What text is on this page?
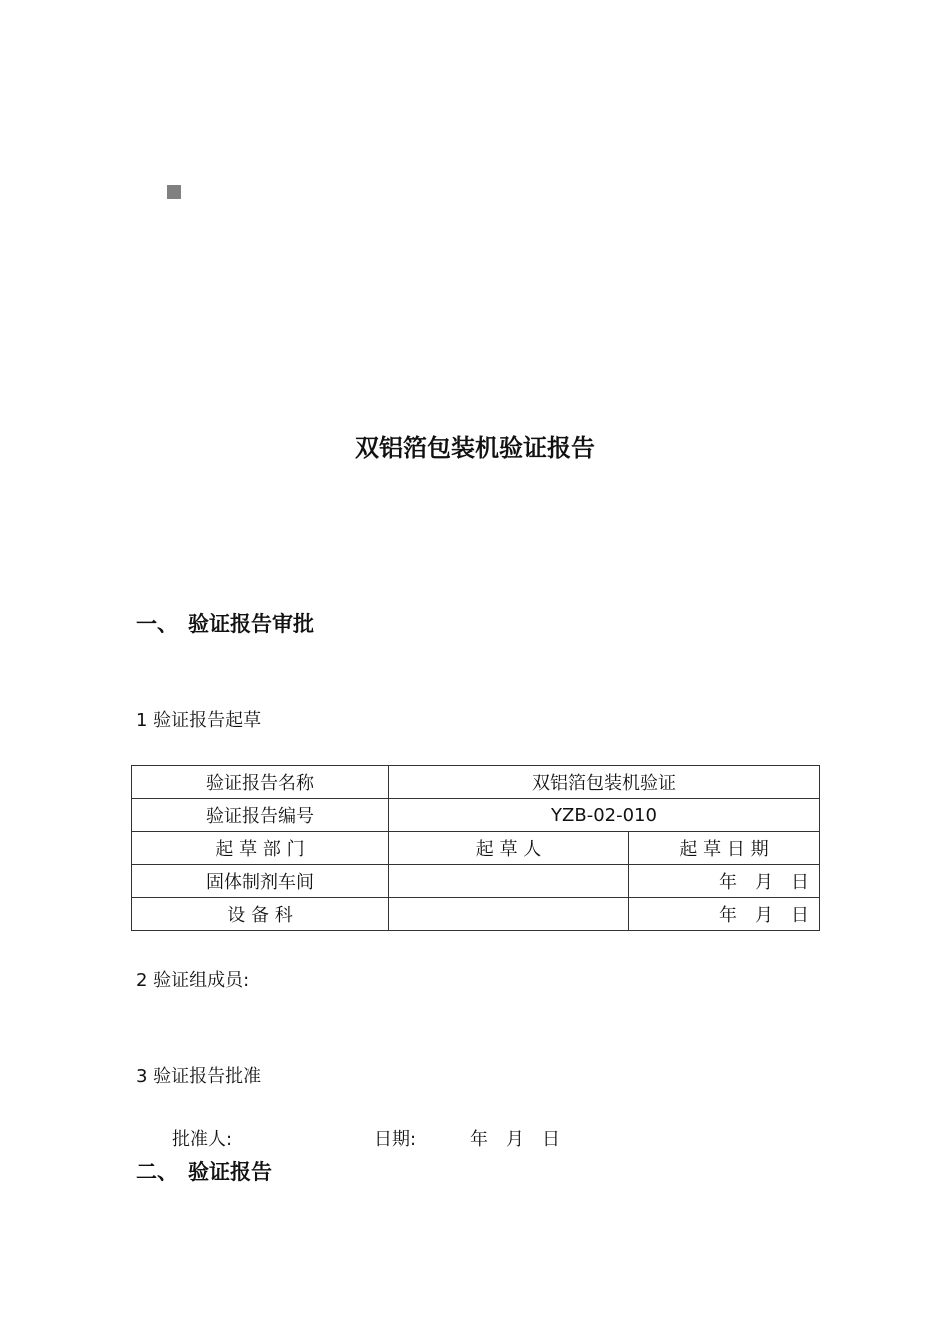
双铝箔包装机验证报告
一、 验证报告审批
1 验证报告起草
验证报告名称	双铝箔包装机验证	
验证报告编号	YZB-02-010	
起 草 部 门	起 草 人	起 草 日 期
固体制剂车间		年　月　日
设 备 科		年　月　日
2 验证组成员:
3 验证报告批准
批准人:	日期:	年　月　日
二、 验证报告
